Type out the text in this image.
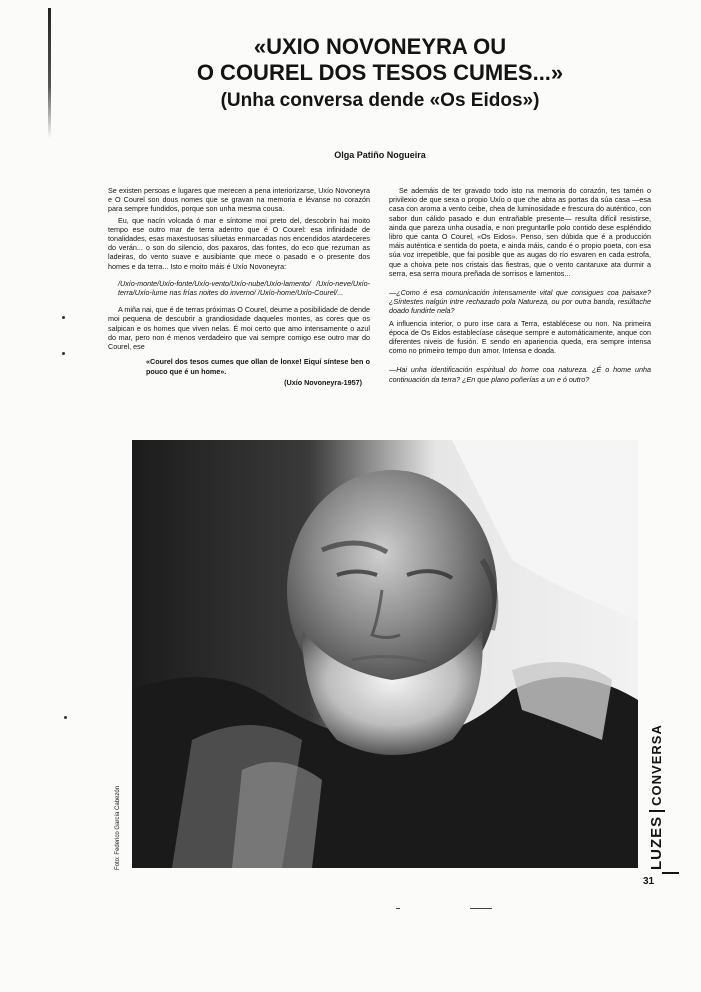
«UXIO NOVONEYRA OU
O COUREL DOS TESOS CUMES...»
(Unha conversa dende «Os Eidos»)

Olga Patiño Nogueira

Se existen persoas e lugares que merecen a pena interiorizarse, Uxío Novoneyra e O Courel son dous nomes que se gravan na memoria e lévanse no corazón para sempre fundidos, porque son unha mesma cousa.

Eu, que nacín volcada ó mar e síntome moi preto del, descobrín hai moito tempo ese outro mar de terra adentro que é O Courel: esa infinidade de tonalidades, esas maxestuosas siluetas enmarcadas nos encendidos atardeceres do verán... o son do silencio, dos paxaros, das fontes, do eco que rezuman as ladeiras, do vento suave e ausibiante que mece o pasado e o presente dos homes e da terra... Isto e moito máis é Uxío Novoneyra:

/Uxío-monte/Uxío-fonte/Uxío-vento/Uxío-nube/Uxío-lamento/ /Uxío-neve/Uxío-terra/Uxío-lume nas frías noites do inverno/ /Uxío-home/Uxío-Courel/...

A miña nai, que é de terras próximas O Courel, deume a posibilidade de dende moi pequena de descubrir a grandiosidade daqueles montes, as cores que os salpican e os homes que viven nelas. É moi certo que amo intensamente o azul do mar, pero non é menos verdadeiro que vai sempre comigo ese outro mar do Courel, ese

«Courel dos tesos cumes que ollan de lonxe! Eiquí síntese ben o pouco que é un home».

(Uxío Novoneyra-1957)

Se ademáis de ter gravado todo isto na memoria do corazón, tes tamén o privilexio de que sexa o propio Uxío o que che abra as portas da súa casa —esa casa con aroma a vento ceibe, chea de luminosidade e frescura do auténtico, con sabor dun cálido pasado e dun entrañable presente— resulta difícil resistirse, ainda que pareza unha ousadía, e non preguntarlle polo contido dese espléndido libro que canta O Courel, «Os Eidos». Penso, sen dúbida que é a producción máis auténtica e sentida do poeta, e ainda máis, cando é o propio poeta, con esa súa voz irrepetible, que fai posible que as augas do río esvaren en cada estrofa, que a choiva pete nos cristais das fiestras, que o vento cantaruxe ata durmir a serra, esa serra moura preñada de sorrisos e lamentos...

—¿Como é esa comunicación intensamente vital que consigues coa paisaxe? ¿Síntestes nalgún intre rechazado pola Natureza, ou por outra banda, resúltache doado fundirte nela?

A influencia interior, o puro irse cara a Terra, establécese ou non. Na primeira época de Os Eidos establecíase cáseque sempre e automáticamente, anque con diferentes niveis de fusión. E sendo en apariencia queda, era sempre intensa como no primeiro tempo dun amor. Intensa e doada.

—Hai unha identificación espiritual do home coa natureza. ¿É o home unha continuación da terra? ¿En que plano poñerías a un e ó outro?

Foto: Federico García Cabezón	LUZES
CONVERSA

31
